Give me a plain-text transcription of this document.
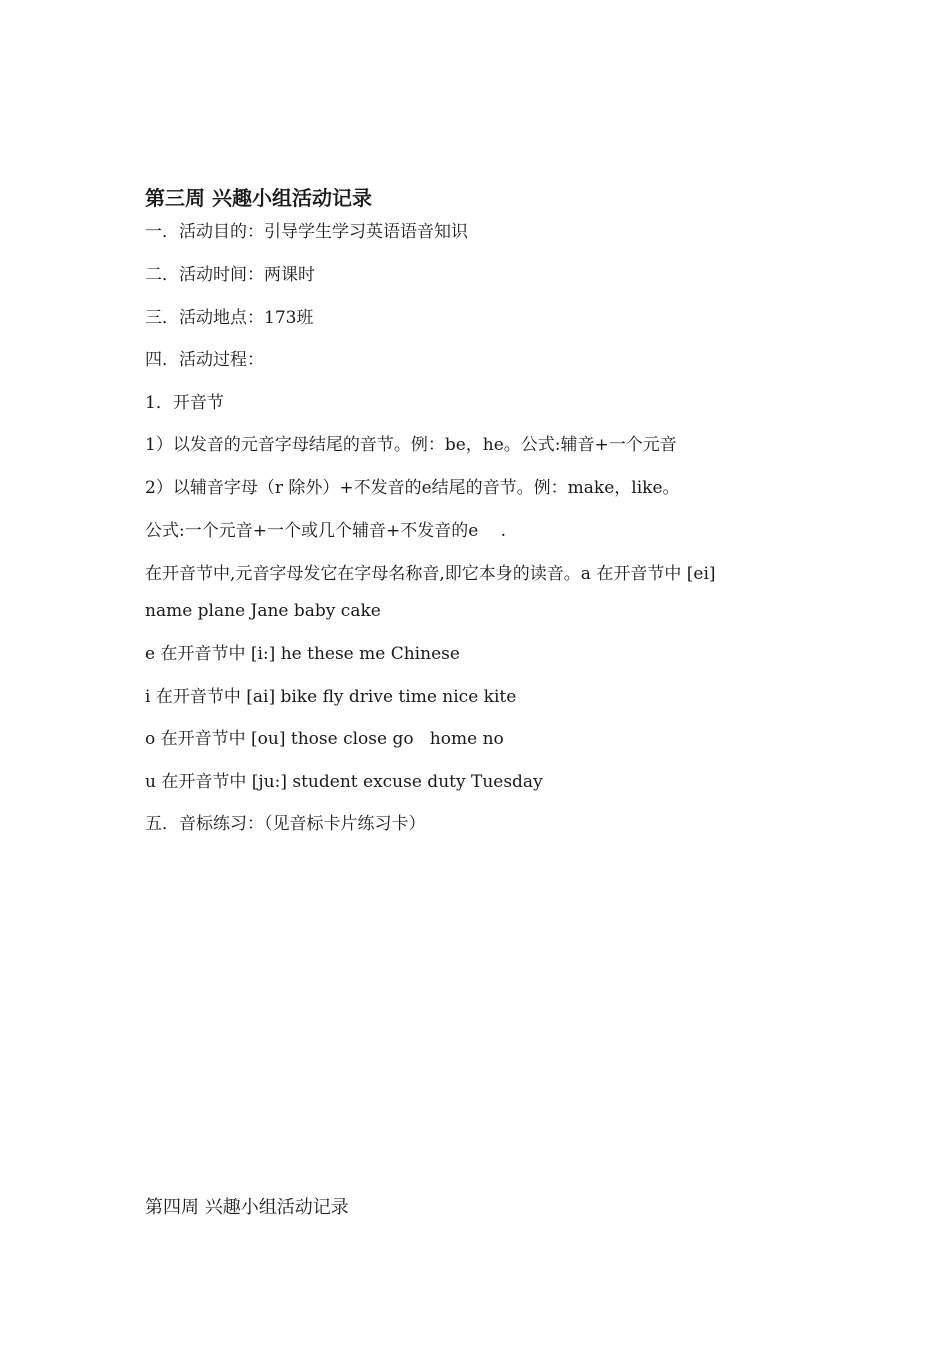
第三周 兴趣小组活动记录
一．活动目的：引导学生学习英语语音知识
二．活动时间：两课时
三．活动地点：173班
四．活动过程：
1．开音节
1）以发音的元音字母结尾的音节。例：be，he。公式:辅音+一个元音
2）以辅音字母（r 除外）+不发音的e结尾的音节。例：make，like。
公式:一个元音+一个或几个辅音+不发音的e　 .
在开音节中,元音字母发它在字母名称音,即它本身的读音。a 在开音节中 [ei]
name plane Jane baby cake
e 在开音节中 [i:] he these me Chinese
i 在开音节中 [ai] bike fly drive time nice kite
o 在开音节中 [ou] those close go   home no
u 在开音节中 [ju:] student excuse duty Tuesday
五．音标练习：（见音标卡片练习卡）
第四周 兴趣小组活动记录
